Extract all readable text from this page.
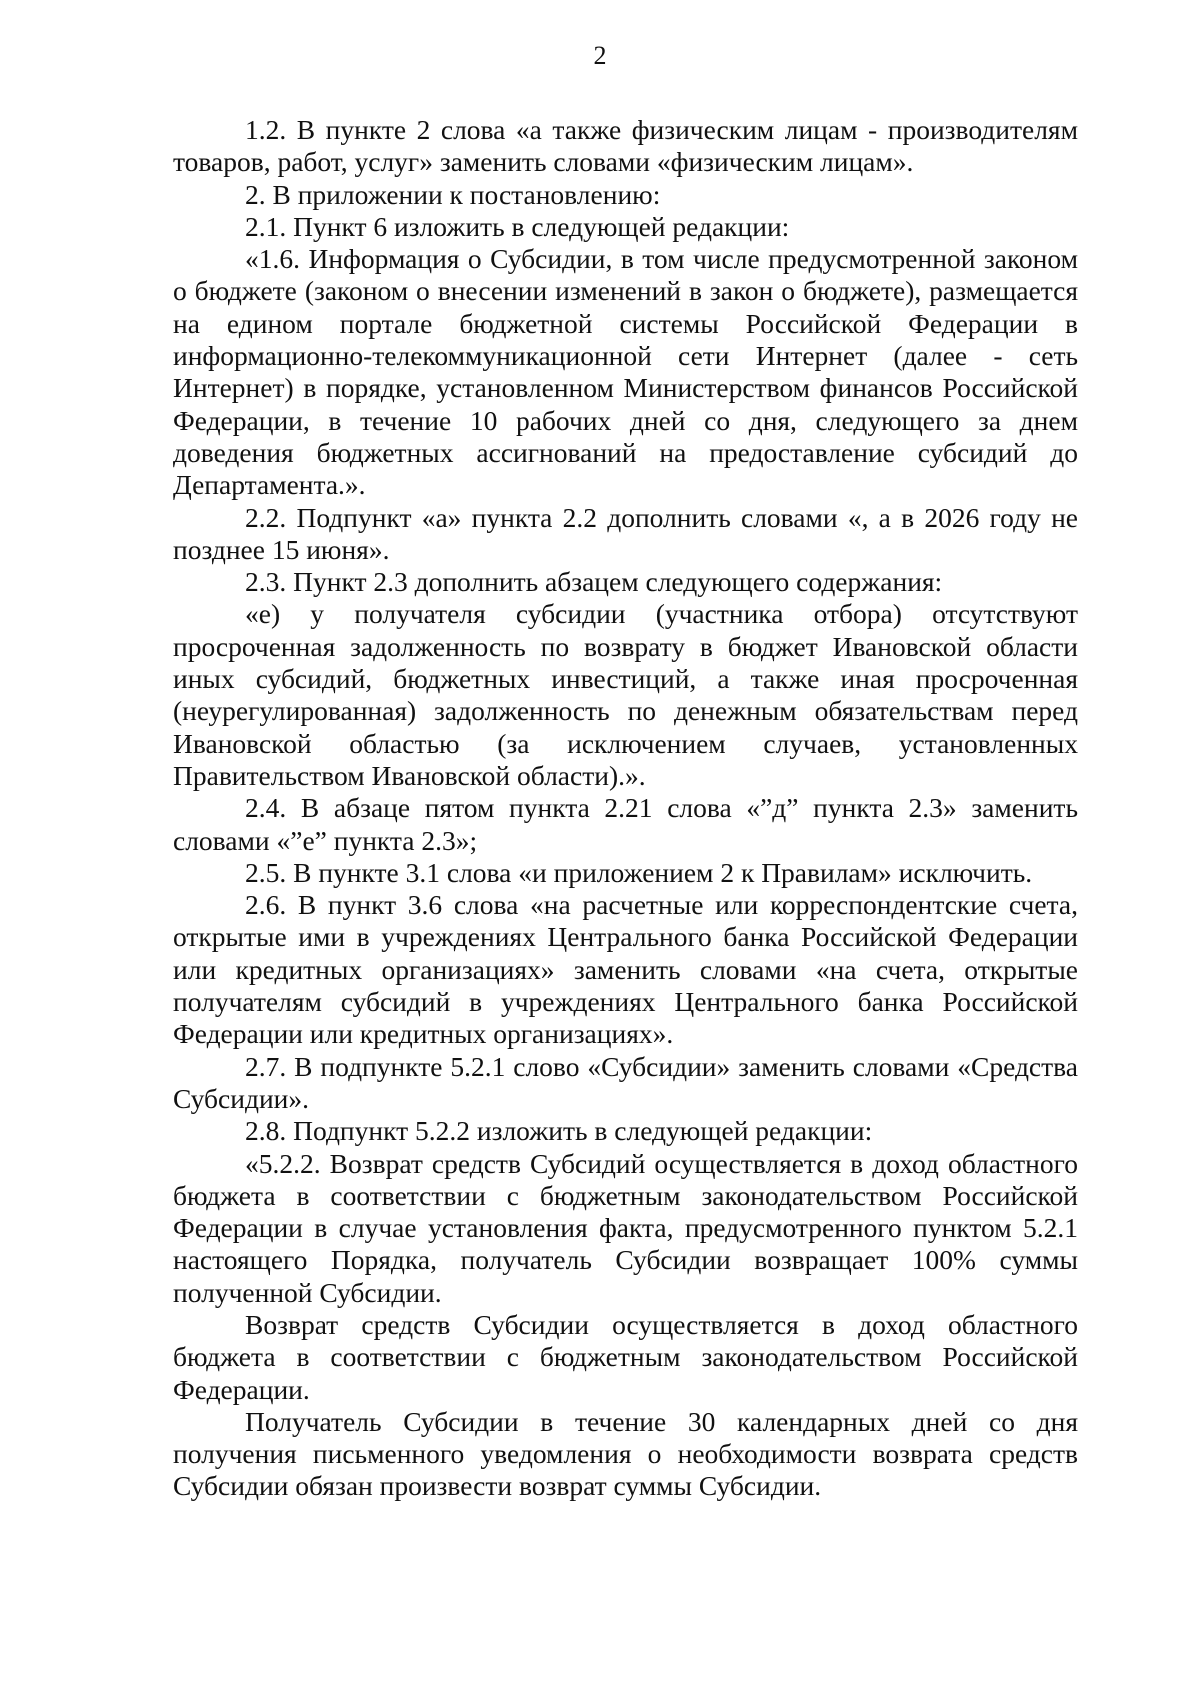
2

1.2. В пункте 2 слова «а также физическим лицам - производителям товаров, работ, услуг» заменить словами «физическим лицам».

2. В приложении к постановлению:

2.1. Пункт 6 изложить в следующей редакции:

«1.6. Информация о Субсидии, в том числе предусмотренной законом о бюджете (законом о внесении изменений в закон о бюджете), размещается на едином портале бюджетной системы Российской Федерации в информационно-телекоммуникационной сети Интернет (далее - сеть Интернет) в порядке, установленном Министерством финансов Российской Федерации, в течение 10 рабочих дней со дня, следующего за днем доведения бюджетных ассигнований на предоставление субсидий до Департамента.».

2.2. Подпункт «а» пункта 2.2 дополнить словами «, а в 2026 году не позднее 15 июня».

2.3. Пункт 2.3 дополнить абзацем следующего содержания:

«е) у получателя субсидии (участника отбора) отсутствуют просроченная задолженность по возврату в бюджет Ивановской области иных субсидий, бюджетных инвестиций, а также иная просроченная (неурегулированная) задолженность по денежным обязательствам перед Ивановской областью (за исключением случаев, установленных Правительством Ивановской области).».

2.4. В абзаце пятом пункта 2.21 слова «”д” пункта 2.3» заменить словами «”е” пункта 2.3»;

2.5. В пункте 3.1 слова «и приложением 2 к Правилам» исключить.

2.6. В пункт 3.6 слова «на расчетные или корреспондентские счета, открытые ими в учреждениях Центрального банка Российской Федерации или кредитных организациях» заменить словами «на счета, открытые получателям субсидий в учреждениях Центрального банка Российской Федерации или кредитных организациях».

2.7. В подпункте 5.2.1 слово «Субсидии» заменить словами «Средства Субсидии».

2.8. Подпункт 5.2.2 изложить в следующей редакции:

«5.2.2. Возврат средств Субсидий осуществляется в доход областного бюджета в соответствии с бюджетным законодательством Российской Федерации в случае установления факта, предусмотренного пунктом 5.2.1 настоящего Порядка, получатель Субсидии возвращает 100% суммы полученной Субсидии.

Возврат средств Субсидии осуществляется в доход областного бюджета в соответствии с бюджетным законодательством Российской Федерации.

Получатель Субсидии в течение 30 календарных дней со дня получения письменного уведомления о необходимости возврата средств Субсидии обязан произвести возврат суммы Субсидии.
